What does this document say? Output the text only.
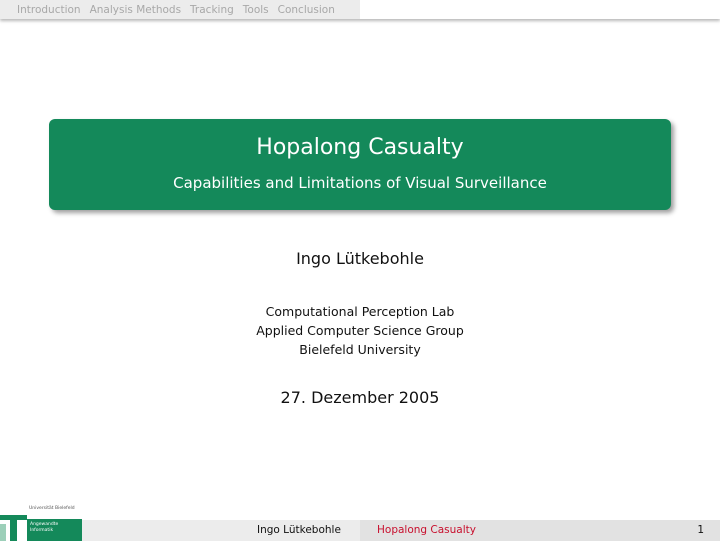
Introduction Analysis Methods Tracking Tools Conclusion
Hopalong Casualty
Capabilities and Limitations of Visual Surveillance
Ingo Lütkebohle
Computational Perception Lab
Applied Computer Science Group
Bielefeld University
27. Dezember 2005
Universität Bielefeld
Angewandte
Informatik	Ingo Lütkebohle	Hopalong Casualty	1
